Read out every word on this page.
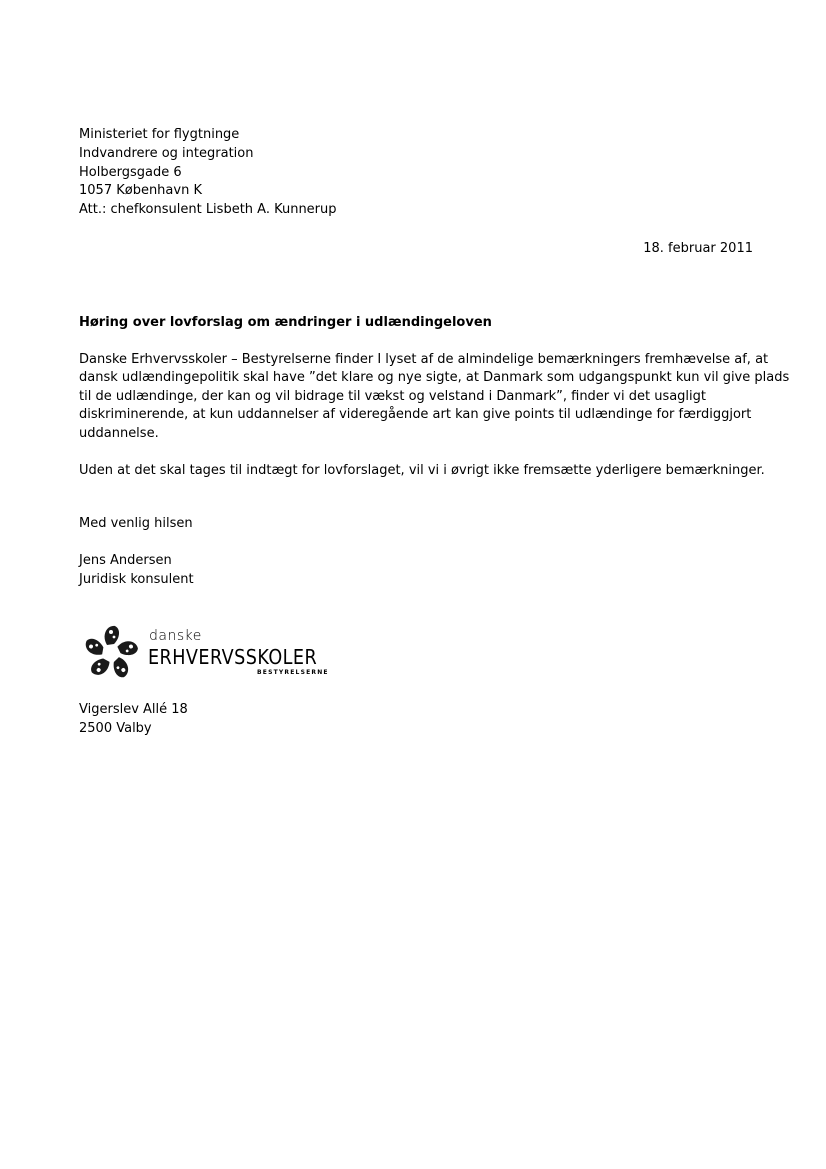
Ministeriet for flygtninge
Indvandrere og integration
Holbergsgade 6
1057 København K
Att.: chefkonsulent Lisbeth A. Kunnerup
18. februar 2011
Høring over lovforslag om ændringer i udlændingeloven
Danske Erhvervsskoler – Bestyrelserne finder I lyset af de almindelige bemærkningers fremhævelse af, at
dansk udlændingepolitik skal have ”det klare og nye sigte, at Danmark som udgangspunkt kun vil give plads
til de udlændinge, der kan og vil bidrage til vækst og velstand i Danmark”, finder vi det usagligt
diskriminerende, at kun uddannelser af videregående art kan give points til udlændinge for færdiggjort
uddannelse.
Uden at det skal tages til indtægt for lovforslaget, vil vi i øvrigt ikke fremsætte yderligere bemærkninger.
Med venlig hilsen
Jens Andersen
Juridisk konsulent
danske
ERHVERVSSKOLER
BESTYRELSERNE
Vigerslev Allé 18
2500 Valby
